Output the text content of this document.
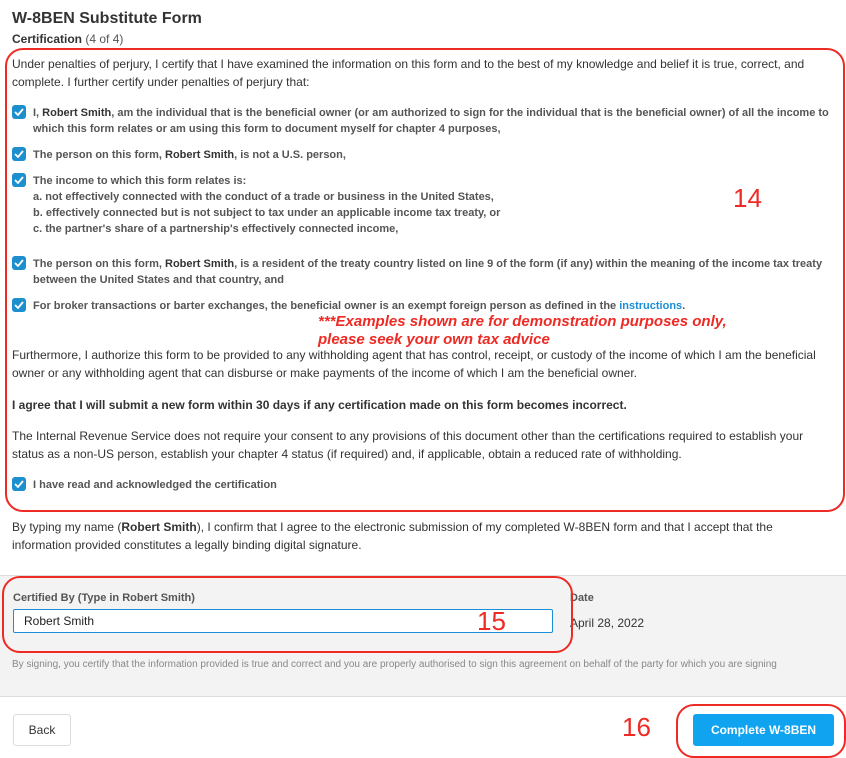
W-8BEN Substitute Form
Certification (4 of 4)
Under penalties of perjury, I certify that I have examined the information on this form and to the best of my knowledge and belief it is true, correct, and complete. I further certify under penalties of perjury that:
I, Robert Smith, am the individual that is the beneficial owner (or am authorized to sign for the individual that is the beneficial owner) of all the income to which this form relates or am using this form to document myself for chapter 4 purposes,
The person on this form, Robert Smith, is not a U.S. person,
The income to which this form relates is:
a. not effectively connected with the conduct of a trade or business in the United States,
b. effectively connected but is not subject to tax under an applicable income tax treaty, or
c. the partner's share of a partnership's effectively connected income,
The person on this form, Robert Smith, is a resident of the treaty country listed on line 9 of the form (if any) within the meaning of the income tax treaty between the United States and that country, and
For broker transactions or barter exchanges, the beneficial owner is an exempt foreign person as defined in the instructions.
***Examples shown are for demonstration purposes only,
please seek your own tax advice
Furthermore, I authorize this form to be provided to any withholding agent that has control, receipt, or custody of the income of which I am the beneficial owner or any withholding agent that can disburse or make payments of the income of which I am the beneficial owner.
I agree that I will submit a new form within 30 days if any certification made on this form becomes incorrect.
The Internal Revenue Service does not require your consent to any provisions of this document other than the certifications required to establish your status as a non-US person, establish your chapter 4 status (if required) and, if applicable, obtain a reduced rate of withholding.
I have read and acknowledged the certification
By typing my name (Robert Smith), I confirm that I agree to the electronic submission of my completed W-8BEN form and that I accept that the information provided constitutes a legally binding digital signature.
Certified By (Type in Robert Smith)
Robert Smith	Date
April 28, 2022
By signing, you certify that the information provided is true and correct and you are properly authorised to sign this agreement on behalf of the party for which you are signing
Back	Complete W-8BEN
14
15
16
